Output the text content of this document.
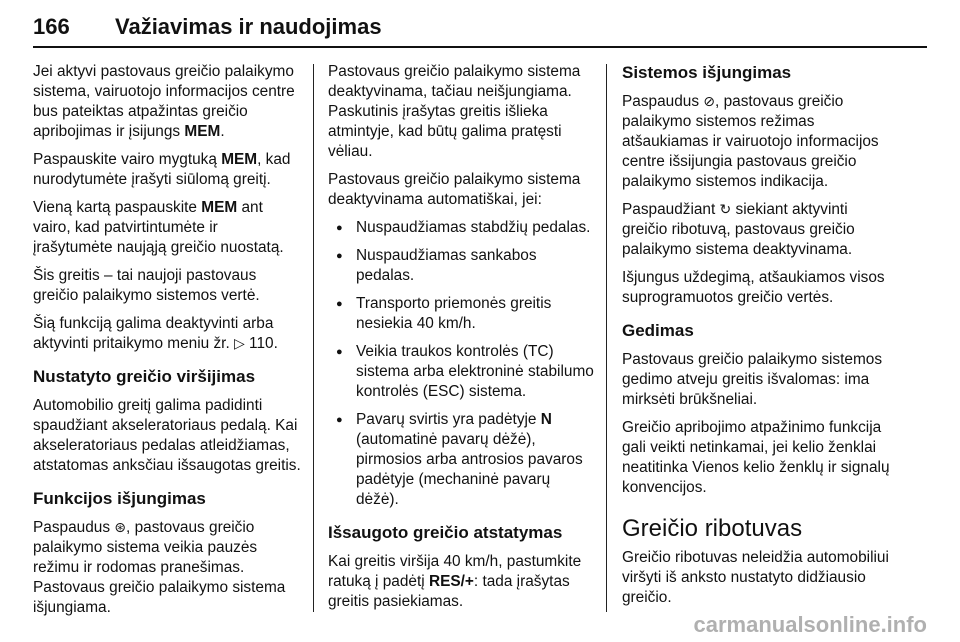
166 Važiavimas ir naudojimas

Jei aktyvi pastovaus greičio palaikymo sistema, vairuotojo informacijos centre bus pateiktas atpažintas greičio apribojimas ir įsijungs MEM.

Paspauskite vairo mygtuką MEM, kad nurodytumėte įrašyti siūlomą greitį.

Vieną kartą paspauskite MEM ant vairo, kad patvirtintumėte ir įrašytumėte naująją greičio nuostatą.

Šis greitis – tai naujoji pastovaus greičio palaikymo sistemos vertė.

Šią funkciją galima deaktyvinti arba aktyvinti pritaikymo meniu žr. ▷ 110.

Nustatyto greičio viršijimas

Automobilio greitį galima padidinti spaudžiant akseleratoriaus pedalą. Kai akseleratoriaus pedalas atleidžiamas, atstatomas anksčiau išsaugotas greitis.

Funkcijos išjungimas

Paspaudus ⊛, pastovaus greičio palaikymo sistema veikia pauzės režimu ir rodomas pranešimas. Pastovaus greičio palaikymo sistema išjungiama.

Pastovaus greičio palaikymo sistema deaktyvinama, tačiau neišjungiama. Paskutinis įrašytas greitis išlieka atmintyje, kad būtų galima pratęsti vėliau.

Pastovaus greičio palaikymo sistema deaktyvinama automatiškai, jei:

● Nuspaudžiamas stabdžių pedalas.
● Nuspaudžiamas sankabos pedalas.
● Transporto priemonės greitis nesiekia 40 km/h.
● Veikia traukos kontrolės (TC) sistema arba elektroninė stabilumo kontrolės (ESC) sistema.
● Pavarų svirtis yra padėtyje N (automatinė pavarų dėžė), pirmosios arba antrosios pavaros padėtyje (mechaninė pavarų dėžė).
Išsaugoto greičio atstatymas

Kai greitis viršija 40 km/h, pastumkite ratuką į padėtį RES/+: tada įrašytas greitis pasiekiamas.

Sistemos išjungimas

Paspaudus ⊘, pastovaus greičio palaikymo sistemos režimas atšaukiamas ir vairuotojo informacijos centre išsijungia pastovaus greičio palaikymo sistemos indikacija.

Paspaudžiant ↻ siekiant aktyvinti greičio ribotuvą, pastovaus greičio palaikymo sistema deaktyvinama.

Išjungus uždegimą, atšaukiamos visos suprogramuotos greičio vertės.

Gedimas

Pastovaus greičio palaikymo sistemos gedimo atveju greitis išvalomas: ima mirksėti brūkšneliai.

Greičio apribojimo atpažinimo funkcija gali veikti netinkamai, jei kelio ženklai neatitinka Vienos kelio ženklų ir signalų konvencijos.

Greičio ribotuvas

Greičio ribotuvas neleidžia automobiliui viršyti iš anksto nustatyto didžiausio greičio.

carmanualsonline.info
